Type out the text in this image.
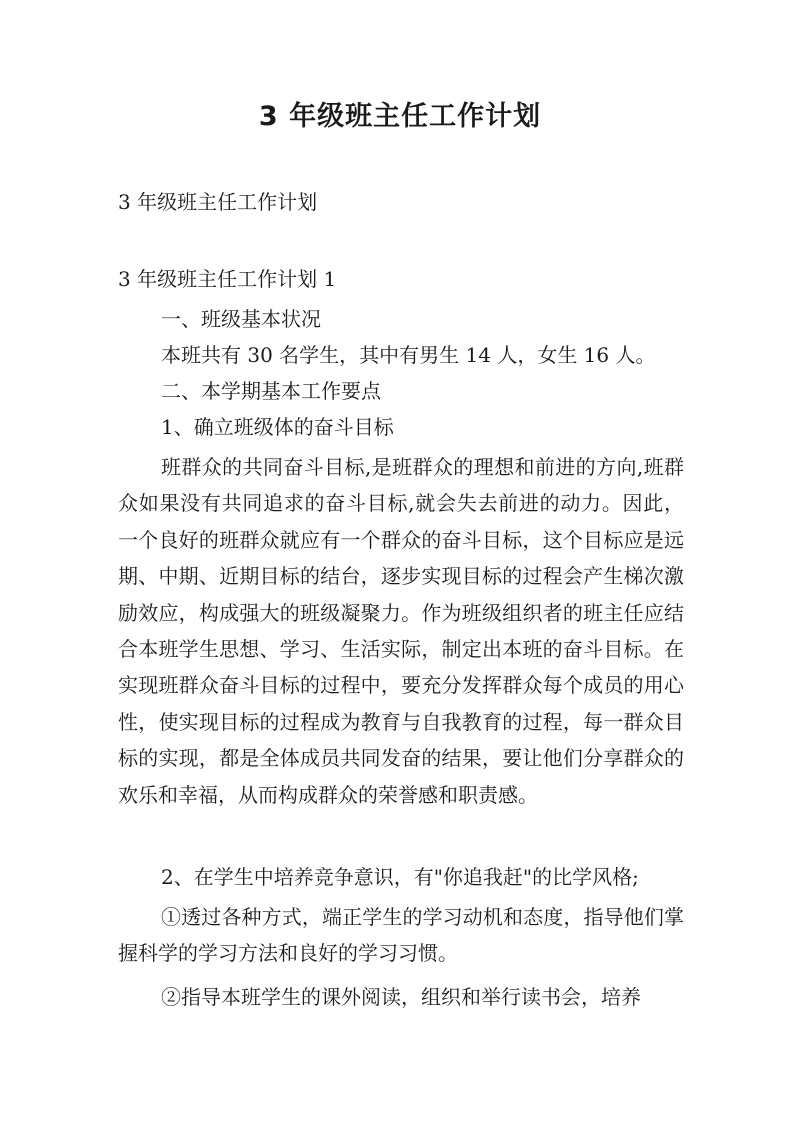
3 年级班主任工作计划
3 年级班主任工作计划
3 年级班主任工作计划 1
一、班级基本状况
本班共有 30 名学生，其中有男生 14 人，女生 16 人。
二、本学期基本工作要点
1、确立班级体的奋斗目标

班群众的共同奋斗目标,是班群众的理想和前进的方向,班群众如果没有共同追求的奋斗目标,就会失去前进的动力。因此，一个良好的班群众就应有一个群众的奋斗目标，这个目标应是远期、中期、近期目标的结台，逐步实现目标的过程会产生梯次激励效应，构成强大的班级凝聚力。作为班级组织者的班主任应结合本班学生思想、学习、生活实际，制定出本班的奋斗目标。在实现班群众奋斗目标的过程中，要充分发挥群众每个成员的用心性，使实现目标的过程成为教育与自我教育的过程，每一群众目标的实现，都是全体成员共同发奋的结果，要让他们分享群众的欢乐和幸福，从而构成群众的荣誉感和职责感。

2、在学生中培养竞争意识，有"你追我赶"的比学风格;

①透过各种方式，端正学生的学习动机和态度，指导他们掌握科学的学习方法和良好的学习习惯。

②指导本班学生的课外阅读，组织和举行读书会，培养
